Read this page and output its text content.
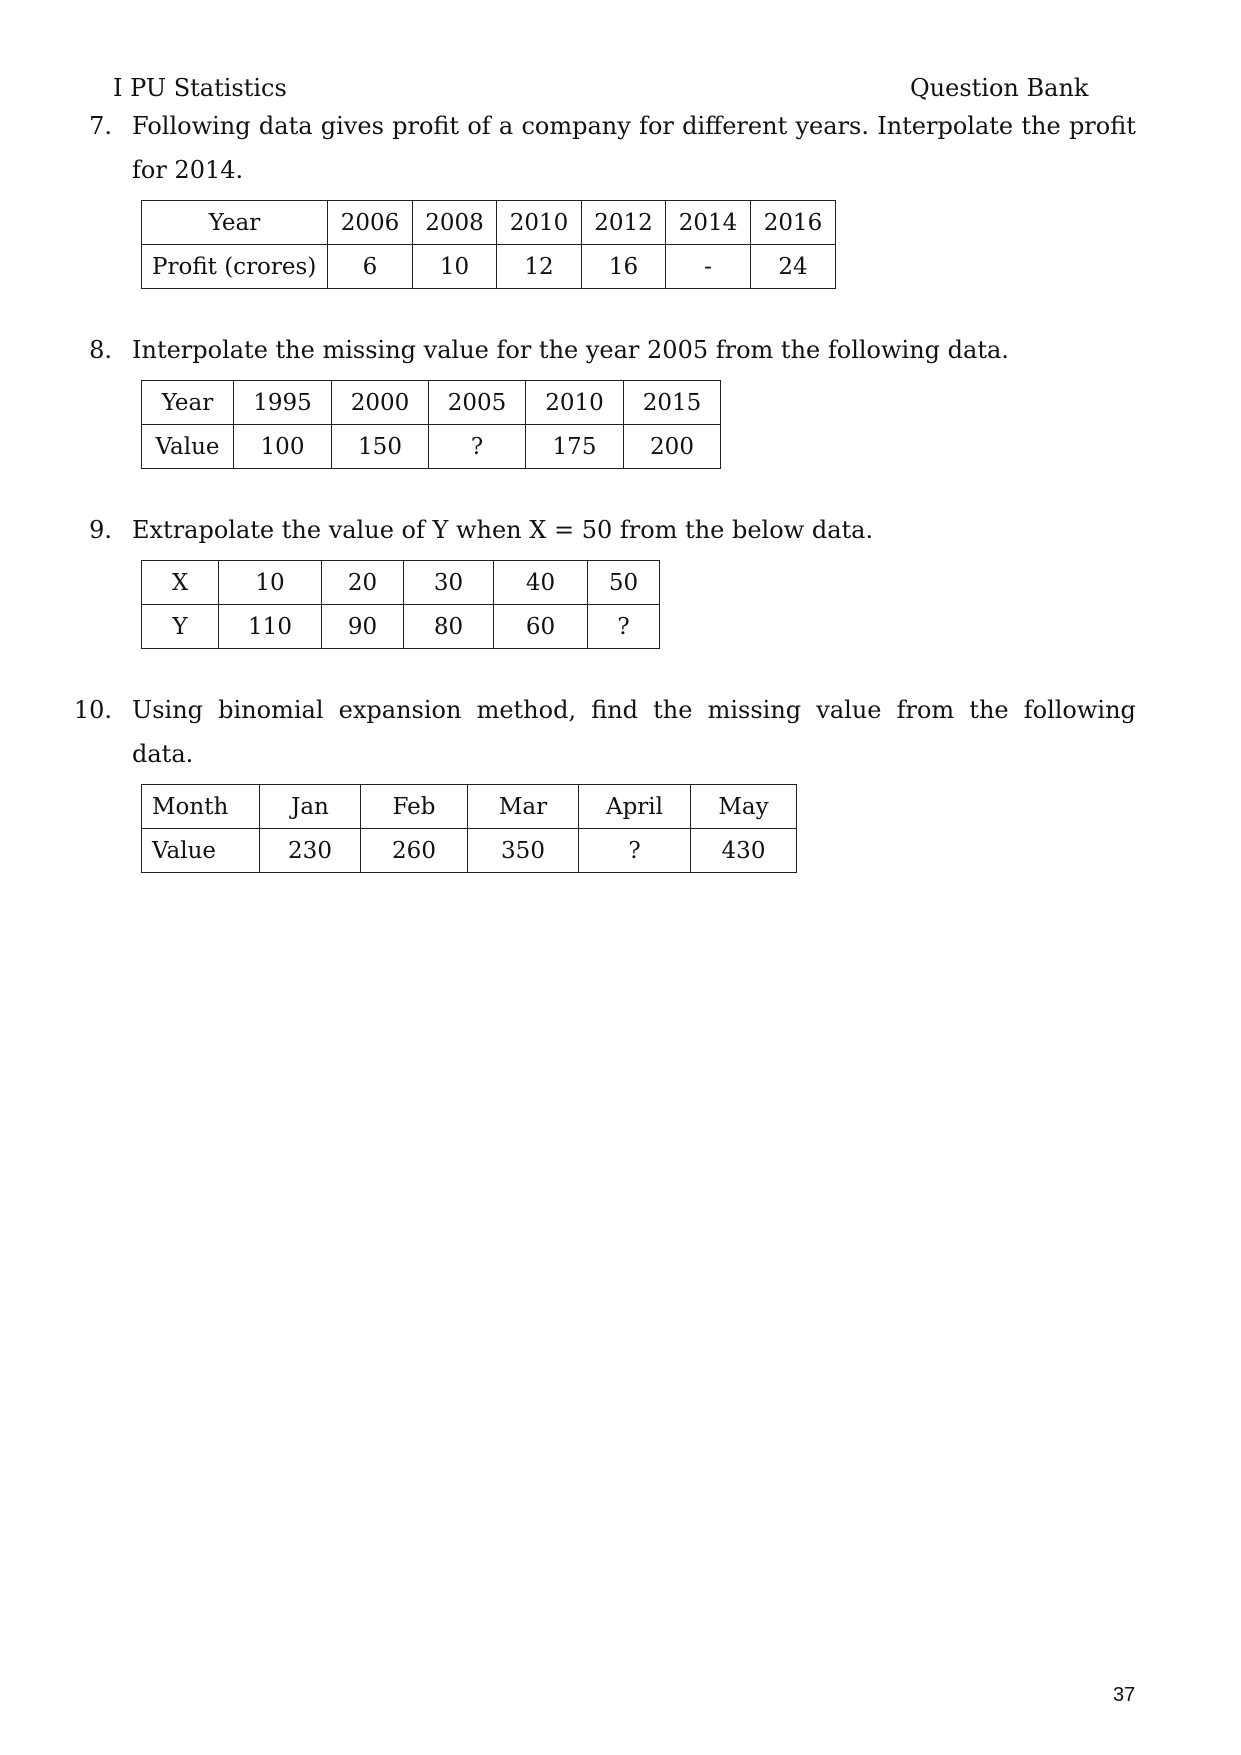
I PU Statistics	Question Bank
7. Following data gives profit of a company for different years. Interpolate the profit
for 2014.
Year	2006	2008	2010	2012	2014	2016
Profit (crores)	6	10	12	16	-	24
8. Interpolate the missing value for the year 2005 from the following data.
Year	1995	2000	2005	2010	2015
Value	100	150	?	175	200
9. Extrapolate the value of Y when X = 50 from the below data.
X	10	20	30	40	50
Y	110	90	80	60	?
10. Using binomial expansion method, find the missing value from the following
data.
Month	Jan	Feb	Mar	April	May
Value	230	260	350	?	430
37
